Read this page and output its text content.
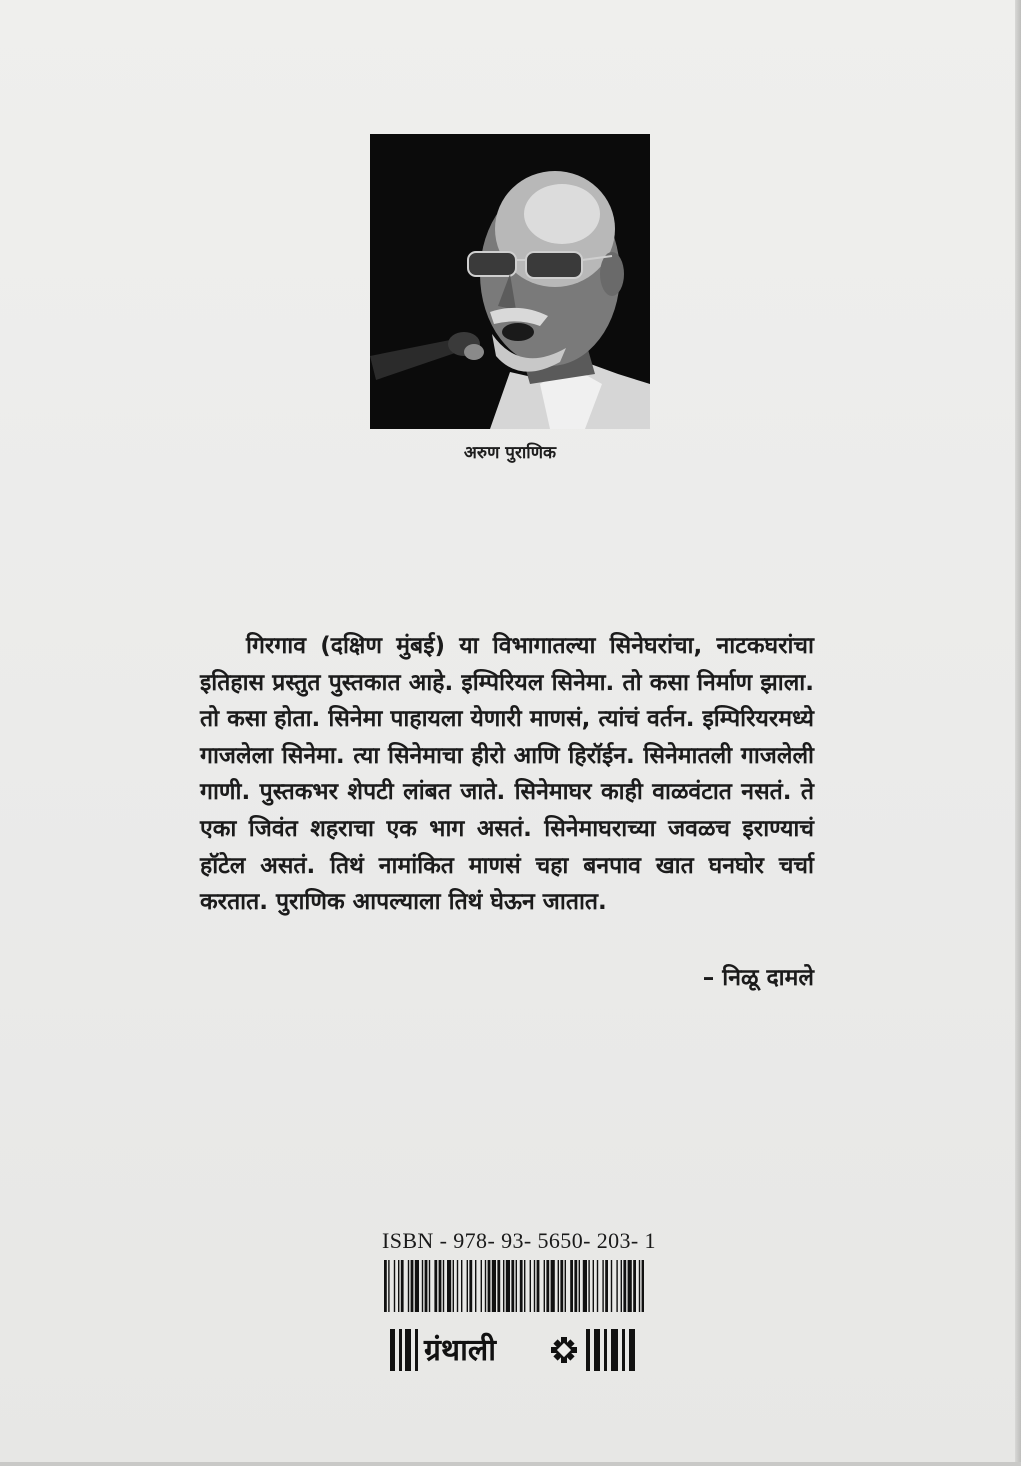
अरुण पुराणिक

गिरगाव (दक्षिण मुंबई) या विभागातल्या सिनेघरांचा, नाटकघरांचा इतिहास प्रस्तुत पुस्तकात आहे. इम्पिरियल सिनेमा. तो कसा निर्माण झाला. तो कसा होता. सिनेमा पाहायला येणारी माणसं, त्यांचं वर्तन. इम्पिरियरमध्ये गाजलेला सिनेमा. त्या सिनेमाचा हीरो आणि हिरॉईन. सिनेमातली गाजलेली गाणी. पुस्तकभर शेपटी लांबत जाते. सिनेमाघर काही वाळवंटात नसतं. ते एका जिवंत शहराचा एक भाग असतं. सिनेमाघराच्या जवळच इराण्याचं हॉटेल असतं. तिथं नामांकित माणसं चहा बनपाव खात घनघोर चर्चा करतात. पुराणिक आपल्याला तिथं घेऊन जातात.

– निळू दामले
ISBN - 978- 93- 5650- 203- 1
ग्रंथाली
